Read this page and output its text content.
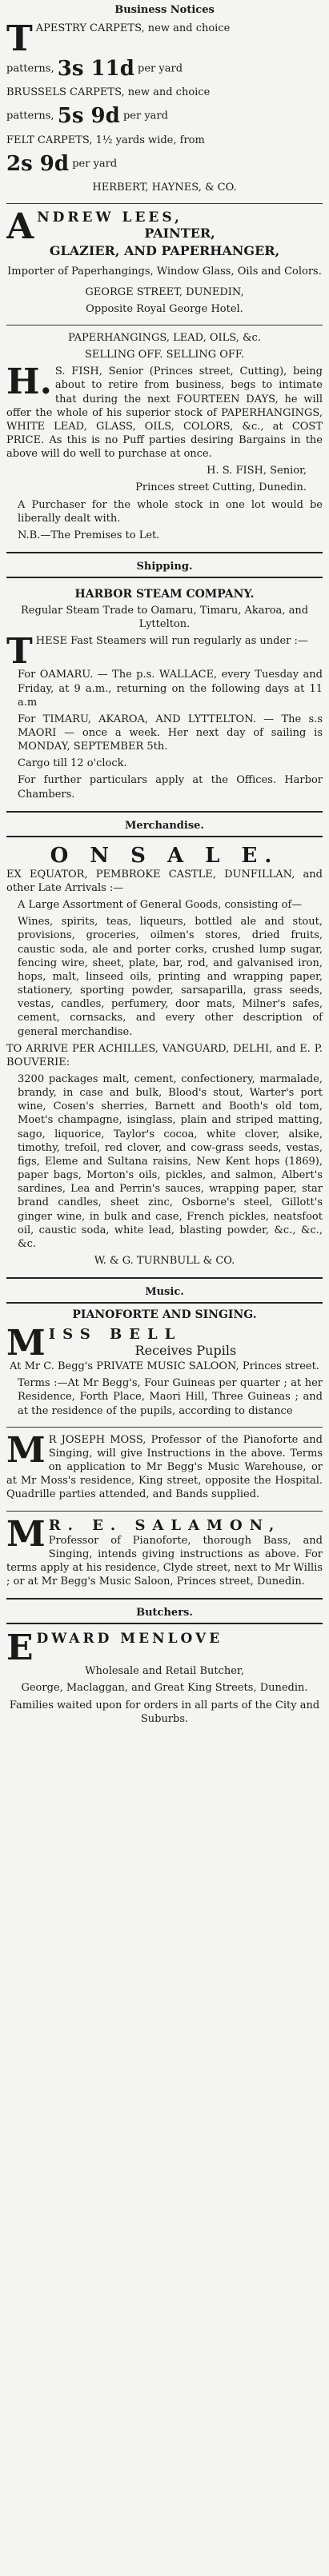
Business Notices
T APESTRY CARPETS, new and choice

patterns, 3s 11d per yard

BRUSSELS CARPETS, new and choice

patterns, 5s 9d per yard

FELT CARPETS, 1½ yards wide, from

2s 9d per yard

HERBERT, HAYNES, & CO.

A NDREW LEES,
PAINTER,
GLAZIER, AND PAPERHANGER,

Importer of Paperhangings, Window Glass, Oils and Colors.

GEORGE STREET, DUNEDIN,

Opposite Royal George Hotel.

PAPERHANGINGS, LEAD, OILS, &c.

SELLING OFF. SELLING OFF.

H. S. FISH, Senior (Princes street, Cutting), being about to retire from business, begs to intimate that during the next FOURTEEN DAYS, he will offer the whole of his superior stock of PAPERHANGINGS, WHITE LEAD, GLASS, OILS, COLORS, &c., at COST PRICE. As this is no Puff parties desiring Bargains in the above will do well to purchase at once.

H. S. FISH, Senior,

Princes street Cutting, Dunedin.

A Purchaser for the whole stock in one lot would be liberally dealt with.

N.B.—The Premises to Let.

Shipping.
HARBOR STEAM COMPANY.

Regular Steam Trade to Oamaru, Timaru, Akaroa, and Lyttelton.

T HESE Fast Steamers will run regularly as under :—

For OAMARU. — The p.s. WALLACE, every Tuesday and Friday, at 9 a.m., returning on the following days at 11 a.m

For TIMARU, AKAROA, AND LYTTELTON. — The s.s MAORI — once a week. Her next day of sailing is MONDAY, SEPTEMBER 5th.

Cargo till 12 o'clock.

For further particulars apply at the Offices. Harbor Chambers.

Merchandise.
O N S A L E.

EX EQUATOR, PEMBROKE CASTLE, DUNFILLAN, and other Late Arrivals :—

A Large Assortment of General Goods, consisting of—

Wines, spirits, teas, liqueurs, bottled ale and stout, provisions, groceries, oilmen's stores, dried fruits, caustic soda, ale and porter corks, crushed lump sugar, fencing wire, sheet, plate, bar, rod, and galvanised iron, hops, malt, linseed oils, printing and wrapping paper, stationery, sporting powder, sarsaparilla, grass seeds, vestas, candles, perfumery, door mats, Milner's safes, cement, cornsacks, and every other description of general merchandise.

TO ARRIVE PER ACHILLES, VANGUARD, DELHI, and E. P. BOUVERIE:

3200 packages malt, cement, confectionery, marmalade, brandy, in case and bulk, Blood's stout, Warter's port wine, Cosen's sherries, Barnett and Booth's old tom, Moet's champagne, isinglass, plain and striped matting, sago, liquorice, Taylor's cocoa, white clover, alsike, timothy, trefoil, red clover, and cow-grass seeds, vestas, figs, Eleme and Sultana raisins, New Kent hops (1869), paper bags, Morton's oils, pickles, and salmon, Albert's sardines, Lea and Perrin's sauces, wrapping paper, star brand candles, sheet zinc, Osborne's steel, Gillott's ginger wine, in bulk and case, French pickles, neatsfoot oil, caustic soda, white lead, blasting powder, &c., &c., &c.

W. & G. TURNBULL & CO.

Music.
PIANOFORTE AND SINGING.
M ISS BELL
Receives Pupils

At Mr C. Begg's PRIVATE MUSIC SALOON, Princes street.

Terms :—At Mr Begg's, Four Guineas per quarter ; at her Residence, Forth Place, Maori Hill, Three Guineas ; and at the residence of the pupils, according to distance

M R JOSEPH MOSS, Professor of the Pianoforte and Singing, will give Instructions in the above. Terms on application to Mr Begg's Music Warehouse, or at Mr Moss's residence, King street, opposite the Hospital. Quadrille parties attended, and Bands supplied.

M R. E. SALAMON,

Professor of Pianoforte, thorough Bass, and Singing, intends giving instructions as above. For terms apply at his residence, Clyde street, next to Mr Willis ; or at Mr Begg's Music Saloon, Princes street, Dunedin.

Butchers.
E DWARD MENLOVE

Wholesale and Retail Butcher,

George, Maclaggan, and Great King Streets, Dunedin.

Families waited upon for orders in all parts of the City and Suburbs.
